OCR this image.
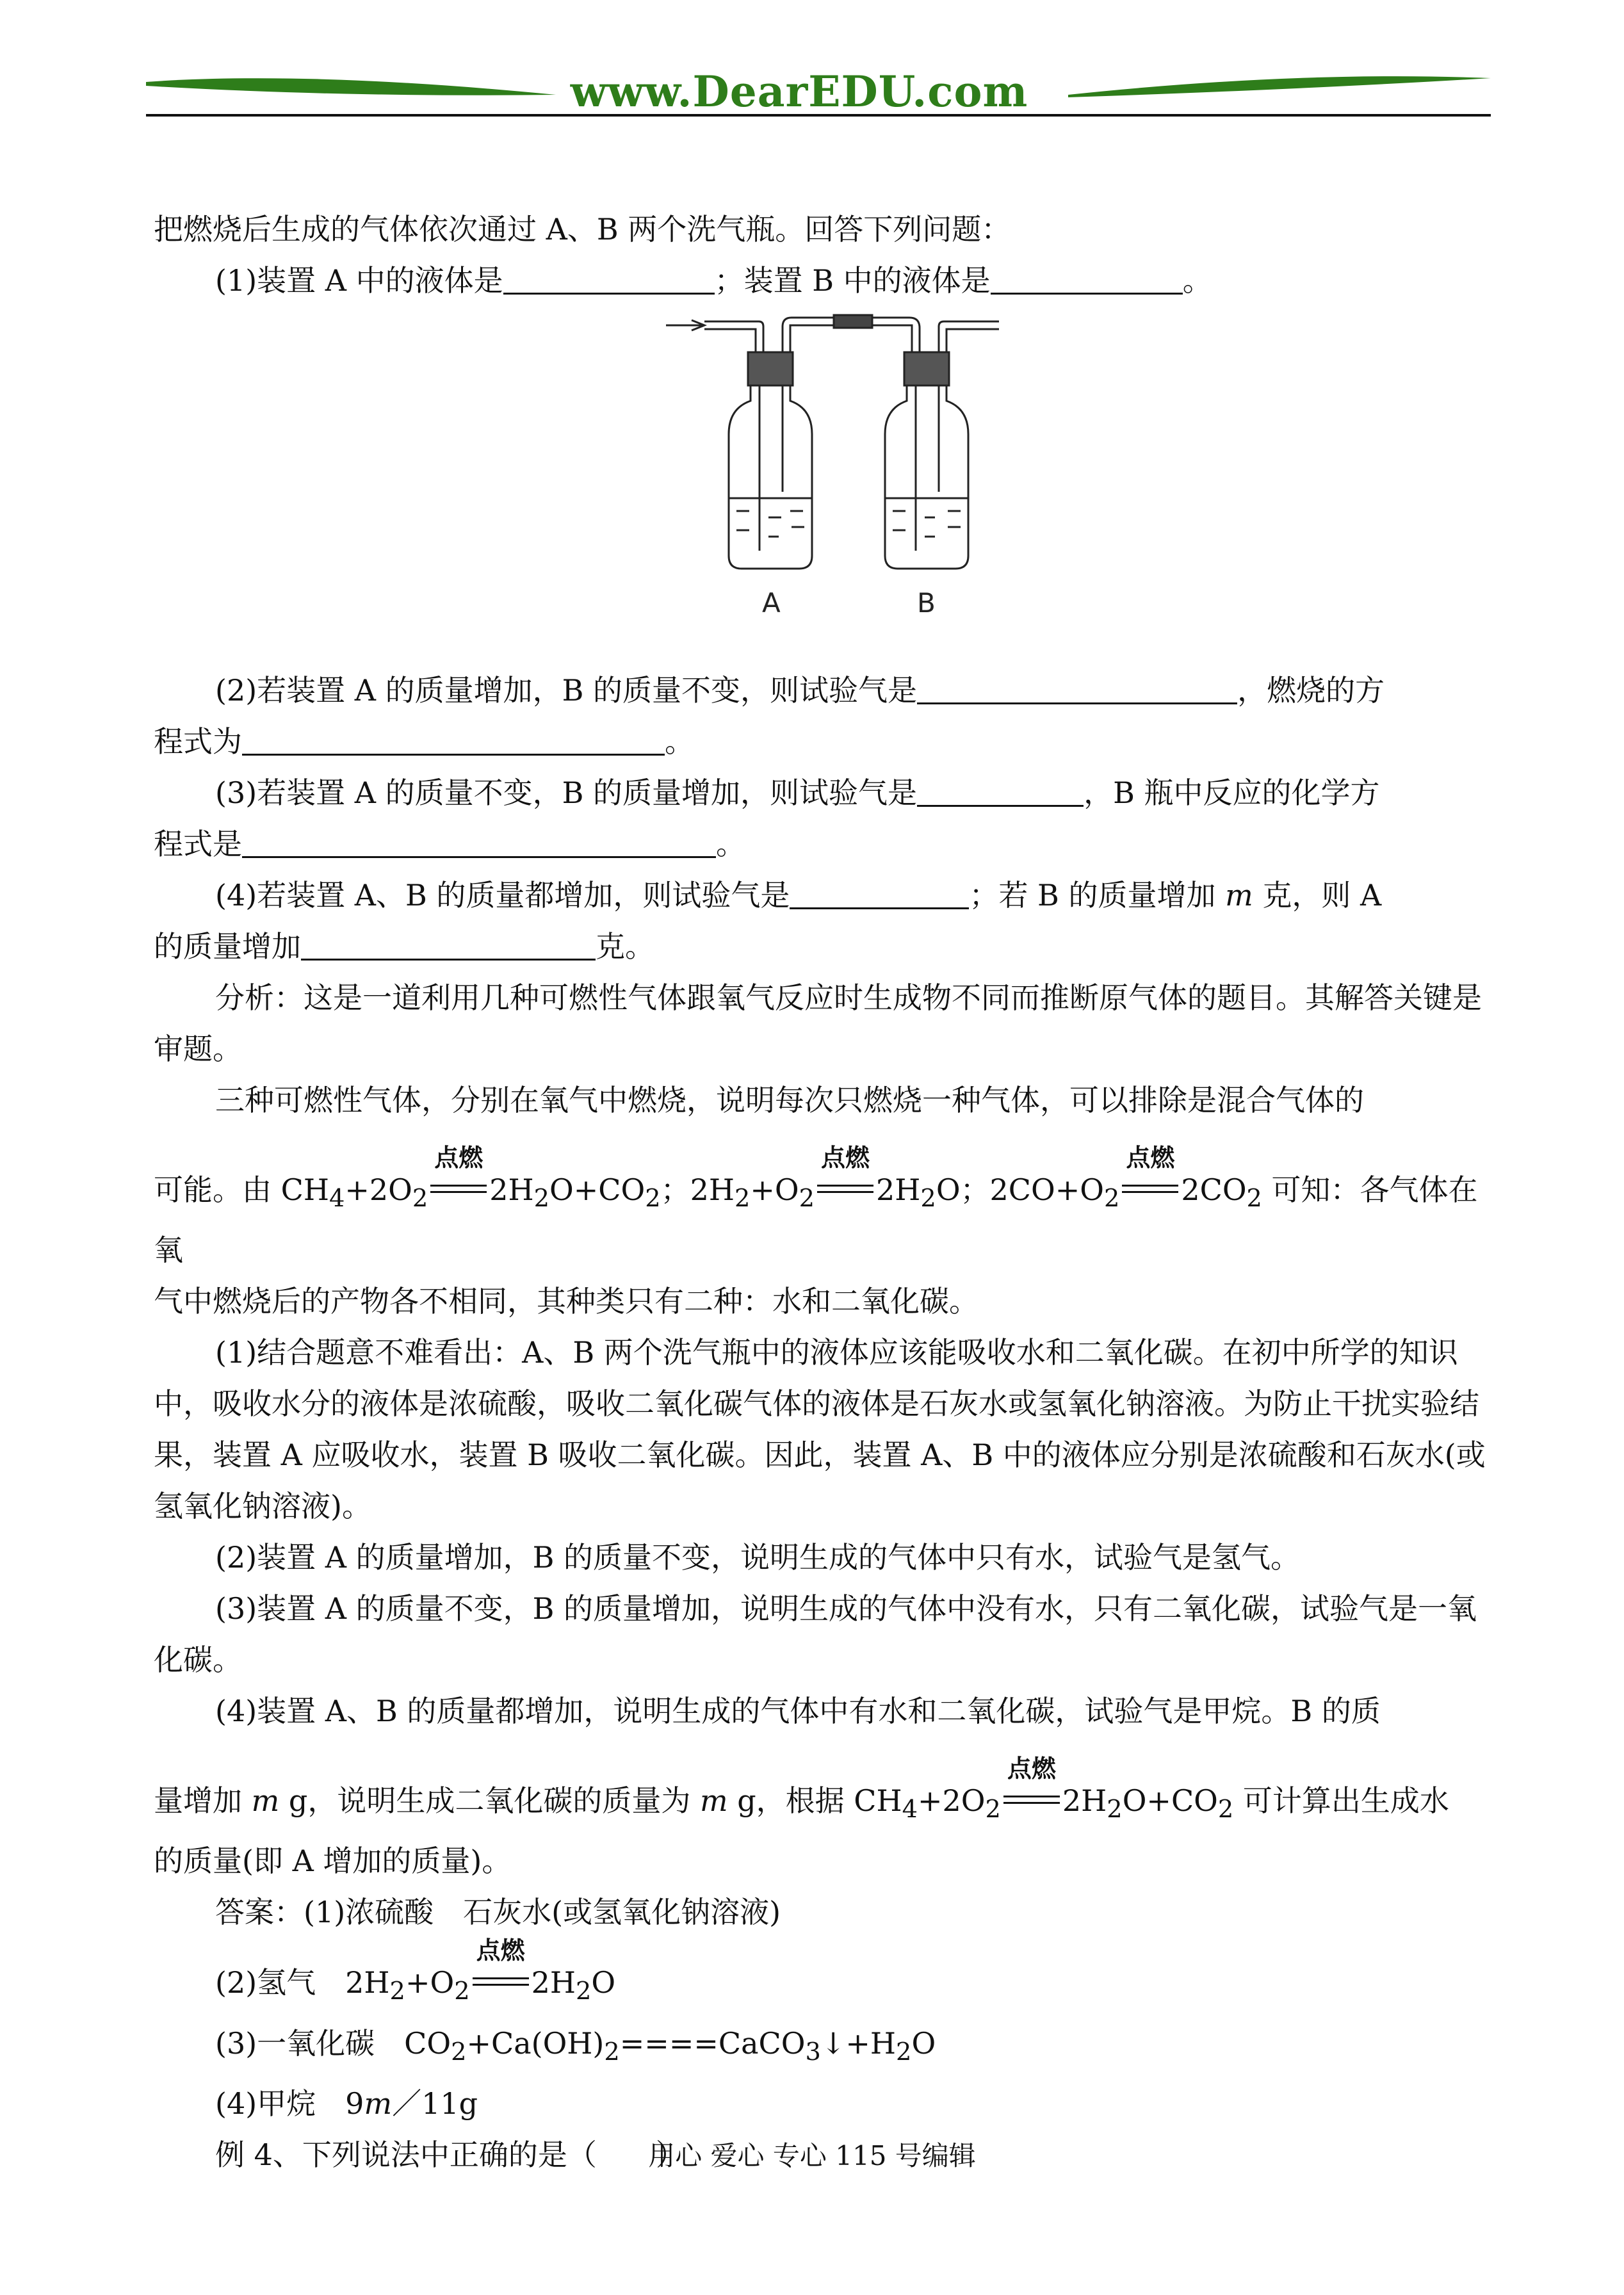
www.DearEDU.com

把燃烧后生成的气体依次通过 A、B 两个洗气瓶。回答下列问题：

(1)装置 A 中的液体是	；装置 B 中的液体是	。

A	B

(2)若装置 A 的质量增加，B 的质量不变，则试验气是	，燃烧的方

程式为	。

(3)若装置 A 的质量不变，B 的质量增加，则试验气是	，B 瓶中反应的化学方

程式是	。

(4)若装置 A、B 的质量都增加，则试验气是	；若 B 的质量增加 m 克，则 A

的质量增加	克。

分析：这是一道利用几种可燃性气体跟氧气反应时生成物不同而推断原气体的题目。其解答关键是审题。

三种可燃性气体，分别在氧气中燃烧，说明每次只燃烧一种气体，可以排除是混合气体的

可能。由 $CH_4+2O_2$
点燃
$2H_2O+CO_2$；$2H_2+O_2$
点燃
$2H_2O$；$2CO+O_2$
点燃
$2CO_2$ 可知：各气体在氧

气中燃烧后的产物各不相同，其种类只有二种：水和二氧化碳。

(1)结合题意不难看出：A、B 两个洗气瓶中的液体应该能吸收水和二氧化碳。在初中所学的知识中，吸收水分的液体是浓硫酸，吸收二氧化碳气体的液体是石灰水或氢氧化钠溶液。为防止干扰实验结果，装置 A 应吸收水，装置 B 吸收二氧化碳。因此，装置 A、B 中的液体应分别是浓硫酸和石灰水(或氢氧化钠溶液)。

(2)装置 A 的质量增加，B 的质量不变，说明生成的气体中只有水，试验气是氢气。

(3)装置 A 的质量不变，B 的质量增加，说明生成的气体中没有水，只有二氧化碳，试验气是一氧化碳。

(4)装置 A、B 的质量都增加，说明生成的气体中有水和二氧化碳，试验气是甲烷。B 的质

量增加 m g，说明生成二氧化碳的质量为 m g，根据 $CH_4+2O_2$
点燃
$2H_2O+CO_2$ 可计算出生成水

的质量(即 A 增加的质量)。

答案：(1)浓硫酸　石灰水(或氢氧化钠溶液)

(2)氢气　$2H_2+O_2$
点燃
$2H_2O$

(3)一氧化碳　$CO_2+Ca(OH)_2====CaCO_3↓+H_2O$

(4)甲烷　9m／11g

例 4、下列说法中正确的是（　　）

用心 爱心 专心 115 号编辑
